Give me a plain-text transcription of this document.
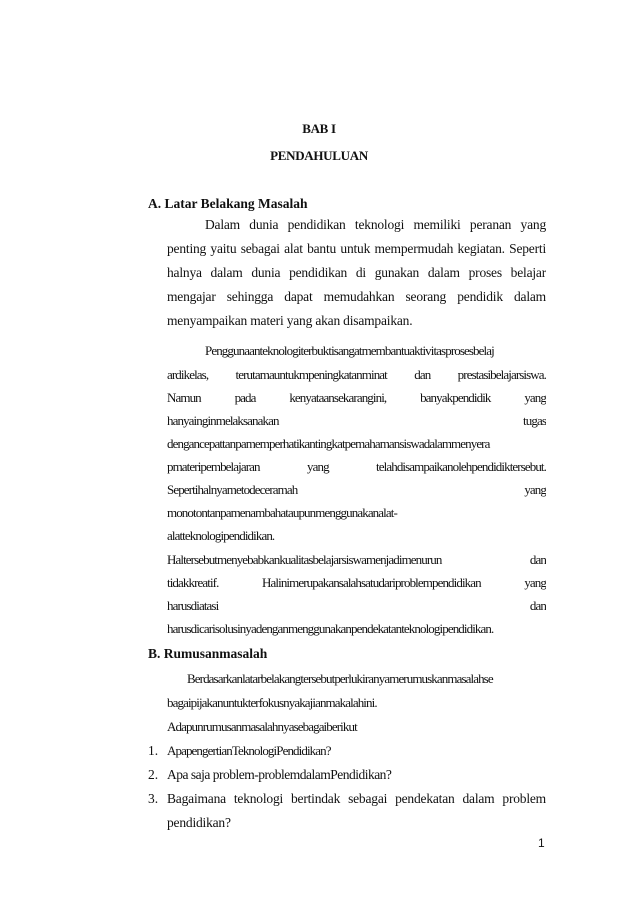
BAB I
PENDAHULUAN
A. Latar Belakang Masalah
Dalam dunia pendidikan teknologi memiliki peranan yang
penting yaitu sebagai alat bantu untuk mempermudah kegiatan. Seperti
halnya dalam dunia pendidikan di gunakan dalam proses belajar
mengajar sehingga dapat memudahkan seorang pendidik dalam
menyampaikan materi yang akan disampaikan.
Penggunaanteknologiterbuktisangatmembantuaktivitasprosesbelaj
ardikelas, terutamauntukmpeningkatanminat dan prestasibelajarsiswa.
Namun pada kenyataansekarangini, banyakpendidik yang
hanyainginmelaksanakan tugas
dengancepattanpamemperhatikantingkatpemahamansiswadalammenyera
pmateripembelajaran yang telahdisampaikanolehpendidiktersebut.
Sepertihalnyametodeceramah yang
monotontanpamenambahataupunmenggunakanalat-
alatteknologipendidikan.
Haltersebutmenyebabkankualitasbelajarsiswamenjadimenurun dan
tidakkreatif. Halinimerupakansalahsatudariproblempendidikan yang
harusdiatasi dan
harusdicarisolusinyadenganmenggunakanpendekatanteknologipendidikan.
B. Rumusanmasalah
Berdasarkanlatarbelakangtersebutperlukiranyamerumuskanmasalahse
bagaipijakanuntukterfokusnyakajianmakalahini.
Adapunrumusanmasalahnyasebagaiberikut
1. ApapengertianTeknologiPendidikan?
2. Apa saja problem-problemdalamPendidikan?
3. Bagaimana teknologi bertindak sebagai pendekatan dalam problem
pendidikan?
1
